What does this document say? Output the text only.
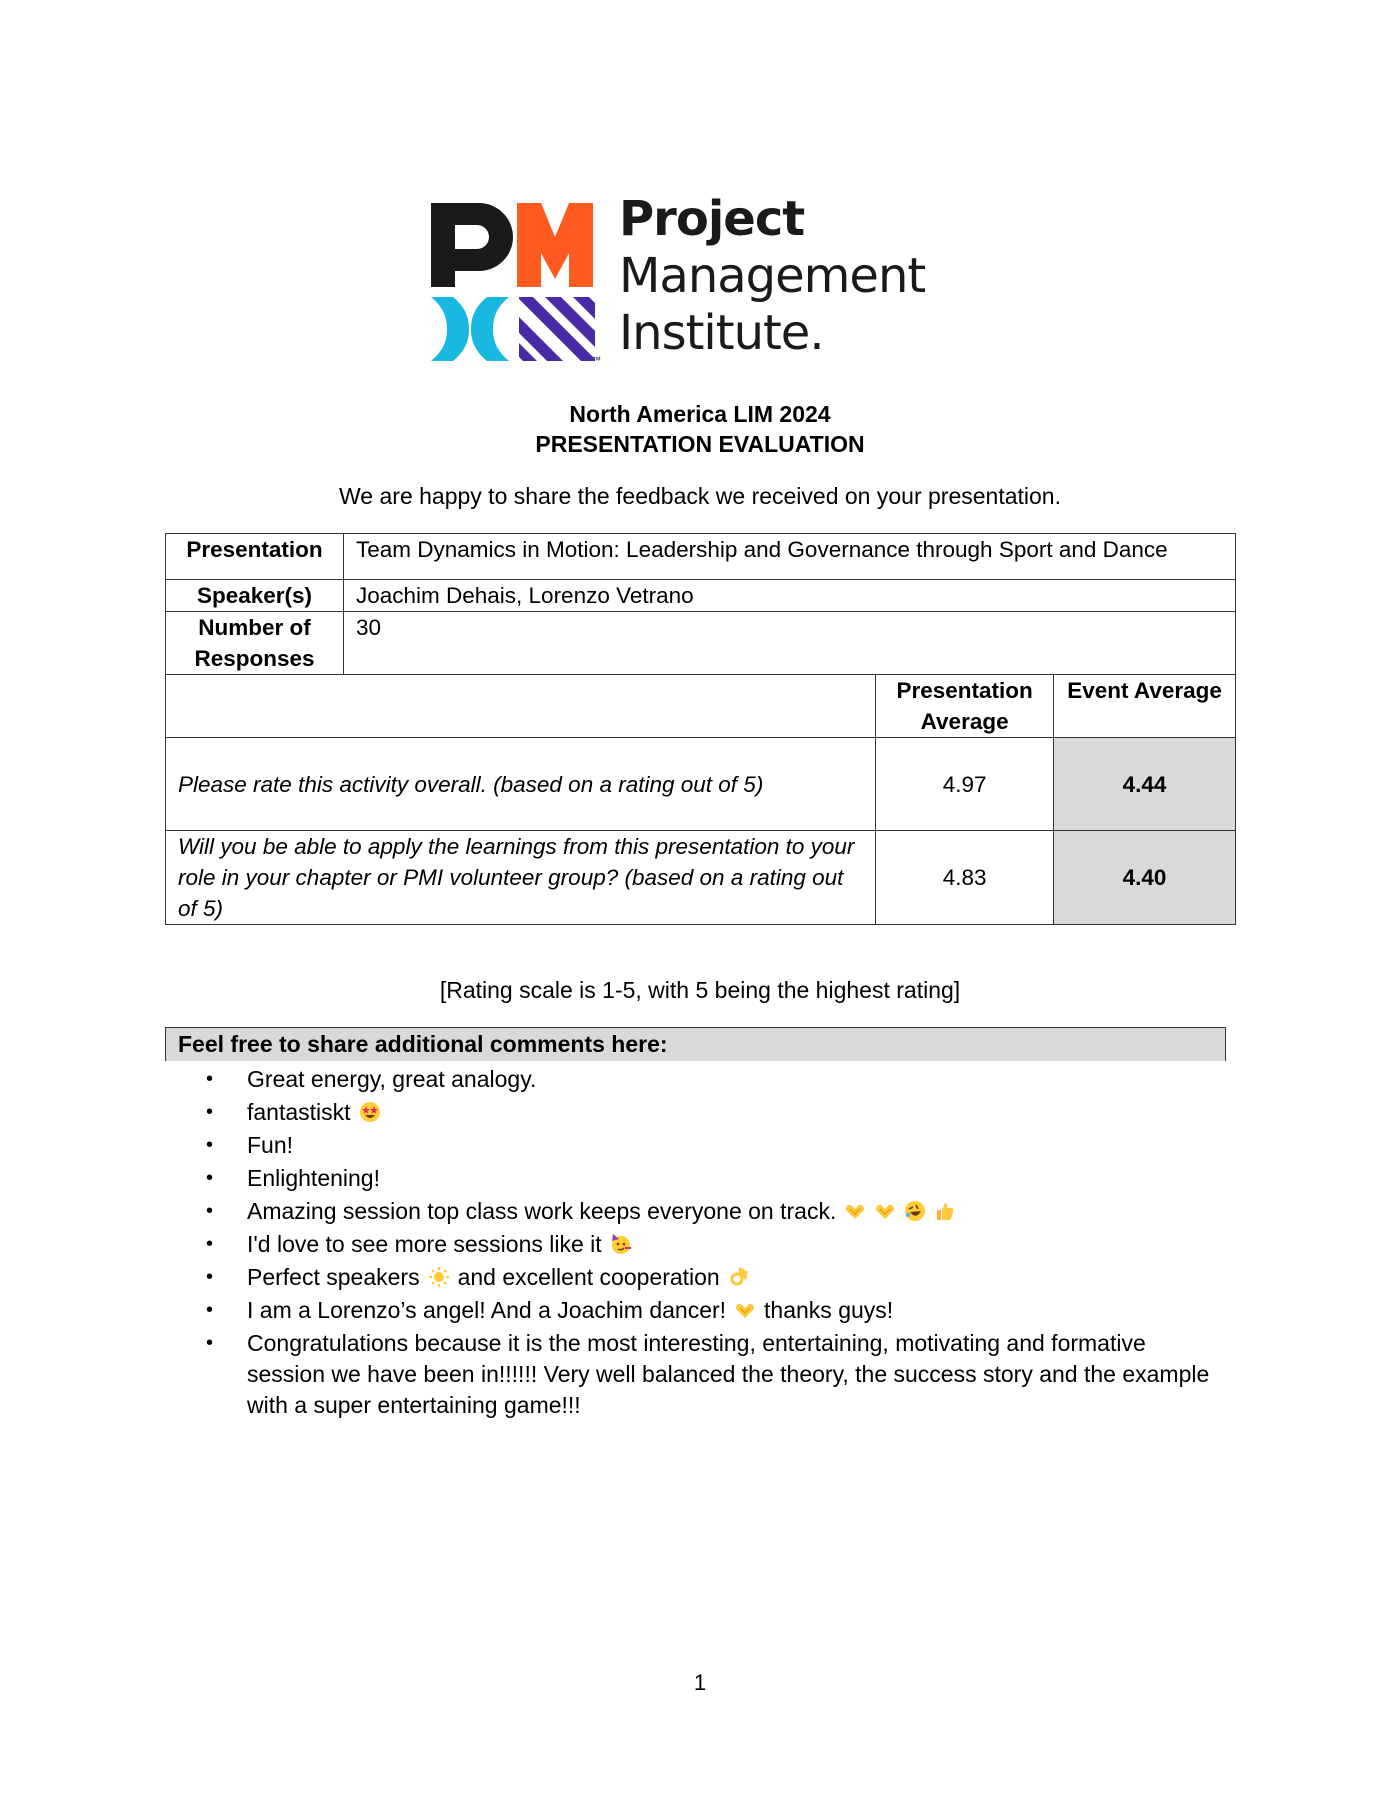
Project
Management
Institute.
™
North America LIM 2024
PRESENTATION EVALUATION
We are happy to share the feedback we received on your presentation.
Presentation	Team Dynamics in Motion: Leadership and Governance through Sport and Dance		
Speaker(s)	Joachim Dehais, Lorenzo Vetrano		
Number of Responses	30		
		Presentation Average	Event Average
Please rate this activity overall. (based on a rating out of 5)		4.97	4.44
Will you be able to apply the learnings from this presentation to your role in your chapter or PMI volunteer group? (based on a rating out of 5)		4.83	4.40
[Rating scale is 1-5, with 5 being the highest rating]
Feel free to share additional comments here:
• Great energy, great analogy.
• fantastiskt
• Fun!
• Enlightening!
• Amazing session top class work keeps everyone on track.
• I'd love to see more sessions like it
• Perfect speakers and excellent cooperation
• I am a Lorenzo’s angel! And a Joachim dancer! thanks guys!
• Congratulations because it is the most interesting, entertaining, motivating and formative session we have been in!!!!!! Very well balanced the theory, the success story and the example with a super entertaining game!!!
1
